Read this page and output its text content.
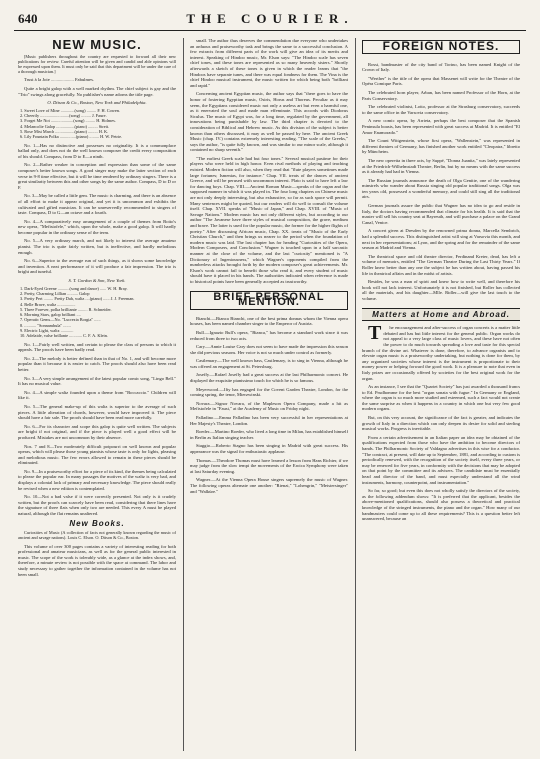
640	THE COURIER.
NEW MUSIC.

[Music publishers throughout the country are requested to forward all their new publications for review. Careful attention will be given and candid and able opinions will be expressed upon them. It must only be said that this department will be under the care of a thorough musician.]

Trust à la Joie .................... Fabulmes.

Quite a bright galop with a well marked rhythm. The chief subject is gay and the "Trio" swings along gracefully. No publisher's name adorns the title page.

O. Ditson & Co., Boston, New York and Philadelphia.

1. Sweet Love of Mine .............(song) ......... F. H. Cowen.
2. Cheerily ...........................(song) ......... J. Faure.
3. Forget Me Not .....................(song) ......... H. Holmes.
4. Melancolie Galop .................(piano) ......... Streit.
5. Rose Mist March ..................(piano) ......... H. K.
6. Lily Fountain Polka ...............(piano) ......... H. W. Petrie.

No. 1—Has no distinctive and possesses no originality. It is a commonplace ballad only, and does not do the well known composer the credit every composition of his should. Compass, from D to E—a ninth.

No. 2—Rather weaker in conception and expression than some of the same composer's better known songs. A good singer may make the latter section of each verse in 9-8 time effective, but it will be time rendered by ordinary singers. There is a great similarity between this and other songs by the same author. Compass, D to D or F.

No. 3—May be called a little gem. The music is charming, and there is an absence of all effort to make it appear original, and yet it is uncommon and exhibits the cultivated and gifted musician. It can be unreservedly recommended to singers of taste. Compass, D to G—an octave and a fourth.

No. 4—A comparatively easy arrangement of a couple of themes from Boito's new opera, "Mefistofele," which, upon the whole, make a good galop. It will hardly become popular in the ordinary sense of the term.

No. 5—A very ordinary march, and not likely to interest the average amateur pianist. The trio is quite fairly written, but is ineffective, and hardly melodious enough.

No. 6—Superior to the average run of such things, as it shows some knowledge and invention. A neat performance of it will produce a fair impression. The trio is bright and tuneful.

S. T. Gordon & Son, New York.

1. Dark-Eyed Greene ...........(song and dance) ...... W. H. Bray.
2. Pretty, Charming Lillian .......... Galop
3. Pretty Pert ......... Pretty Dah, waltz ....(piano) ...... J. J. Freeman.
4. Belle Brave, waltz .................
5. Three Forever, polka brilliante ......... R. Schneider.
6. Morning Stars, galop brilliant ....
7. Operatic Gems—No. "Lucrezia Borgia" ......
8. ........... "Sonnambula" .......
9. Electric Light, waltz ............
10. Adelaide, valse brillante ............ C. F. A. Klein.

No. 1—Fairly well written, and certain to please the class of persons to which it appeals. The proofs have been badly read.

No. 2—The melody is better defined than in that of No. 1, and will become more popular than it because it is easier to catch. The proofs should also have been read better.

No. 3—A very simple arrangement of the latest popular comic song, "Lingo Bell." It has no musical value.

No. 4—A simple waltz founded upon a theme from "Boccaccio." Children will like it.

No. 5—The general make-up of this waltz is superior to the average of such pieces. A little alteration of chords, however, would have improved it. The piece should have a fair sale. The proofs should have been read more carefully.

No. 6—For its character and scope this galop is quite well written. The subjects are bright if not original, and if the piece is played well a good effect will be produced. Mistakes are not uncommon by their absence.

Nos. 7 and 8—Two moderately difficult potpourri on well known and popular operas, which will please those young pianists whose taste is only for lights, pleasing and melodious music. The few errors allowed to remain in these pieces should be eliminated.

No. 9—In a praiseworthy effort for a piece of its kind, the themes being calculated to please the popular ear. In many passages the motives of the waltz is very bad, and displays a colonial lack of primary and necessary knowledge. The piece should really be revised when a new edition is contemplated.

No. 10—Not a bad valse if it were correctly presented. Not only is it crudely written, but the proofs can scarcely have been read, considering that there lines have the signature of three flats when only two are needed. This every A must be played natural, although the flat remains unaltered.

New Books.

Curiosities of Music (A collection of facts not generally known regarding the music of ancient and savage nations). Louis C. Elson. O. Ditson & Co., Boston.

This volume of over 300 pages contains a variety of interesting reading for both professional and amateur musicians, as well as for the general public interested in music. The scope of the work is tolerably wide, as a glance at the index shows, and, therefore, a minute review is not possible with the space at command. The labor and study necessary to gather together the information contained in the volume has not been small.

small. The author thus deserves the commendation due everyone who undertakes an arduous and praiseworthy task and brings the same to a successful conclusion. A few extracts from different parts of the work will give an idea of its merits and interest. Speaking of Hindoo music, Mr. Elson says: "The Hindoo scale has seven chief tones, and these tones are represented as so many heavenly sisters." Shortly afterwards a sketch of these tones is given in which the reader learns that "the Hindoos have separate tunes, and there was equal fondness for them. The Vina is the chief Hindoo musical instrument, the music written for which being both "brilliant and rapid."

Concerning ancient Egyptian music, the author says that "there goes to have the honor of fostering Egyptian music, Osiris, Horus and Thoreus. Peculiar as it may seem, the Egyptians considered music not only a useless art but even a harmful one, as it enervated the soul and made man effeminate. This accords with Diodorus Siculus. The music of Egypt was, for a long time, regulated by the government, all innovations being punishable by law. The third chapter is devoted to the consideration of Biblical and Hebrew music. As this division of the subject is better known than others discussed, it may as well be passed by here. The ancient Greek Music (chap. IV.) contains extremely interesting reading. "The scale of the Greeks," says the author, "is quite fully known, and was similar to our minor scale, although it contained no sharp seventh."

"The earliest Greek scale had but four tones." Several musical pastime for their players who were held in high honor. Even rival methods of playing and teaching existed. Modern fiction will also, when they read that "flute players sometimes made large fortunes; Ismenias, for instance." Chap. VII. treats of the dances of ancient Greece, and will be perused with uncommon interest. Plato is said to have left a law for dancing boys. Chap. VIII.—Ancient Roman Music—speaks of the organ and the supposed manner in which it was played in. The four long chapters on Chinese music are not only deeply interesting, but also exhaustive, so far as such space will permit. Many sentences might be quoted, but our readers will do well to consult the volume itself. Chap. XVII. speaks of "Music of Japan," and Chap. XVIII. of "Music of Savage Nations." Modern music has not only different styles, but according to our author "The Javanese have three styles of musical composition, the grave, medium and brave. The latter is used for the popular music, the former for the higher flights of poetry." After discussing African music, Chap. XX. treats of "Music of the Early Christian Church," and then brings us nearer to the period when the foundation of modern music was laid. The last chapter has for heading "Curiosities of the Opera, Modern Composers, and Conclusion." Wagner is touched upon in a half sarcastic manner at the close of the volume, and the last "curiosity" mentioned is "A Dictionary of Ingeniousness," which Wagner's opponents compiled from the numberless attacks brought forth by the modern composer's great achievements. Mr. Elson's work cannot fail to benefit those who read it, and every student of music should have it placed in his hands. The authorities indicated when reference is made to historical points have been generally accepted as trustworthy.

BRIEF PERSONAL MENTION.

Bianchi.—Bianca Bianchi, one of the best prima donnas whom the Vienna opera houses, has been named chamber singer to the Emperor of Austria.

Bull.—Ignazio Bull's opera, "Bianca," has become a standard work since it was reduced from three to two acts.

Cary.—Annie Louise Cary does not seem to have made the impression this season she did previous seasons. Her voice is not so much under control as formerly.

Castlemary.—The well known bass, Castlemary, is to sing in Vienna, although he was offered an engagement at St. Petersburg.

Joseffy.—Rafael Joseffy had a great success at the last Philharmonic concert. He displayed the exquisite pianissimo touch for which he is so famous.

Meyerwood.—Ifty has engaged for the Covent Garden Theatre, London, for the coming spring, the tenor, Mierzwinski.

Novara.—Signor Novara, of the Mapleson Opera Company, made a hit as Mefistofele in "Faust," at the Academy of Music on Friday night.

Palladino.—Emma Palladino has been very successful in her representations at Her Majesty's Theatre, London.

Roeder.—Martino Roeder, who lived a long time in Milan, has established himself in Berlin as Italian singing teacher.

Staggio.—Roberto Stagno has been singing in Madrid with great success. His appearance was the signal for enthusiastic applause.

Thomas.—Theodore Thomas must have learned a lesson from Hans Richter, if we may judge from the slow tempi the movements of the Eroica Symphony were taken at last Saturday evening.

Wagner.—At the Vienna Opera House singers supremely the music of Wagner. The following operas alternate one another: "Rienzi," "Lohengrin," "Meistersinger" and "Walküre."

FOREIGN NOTES.

Rossi, bandmaster of the city band of Torino, has been named Knight of the Crown of Italy.

"Werther" is the title of the opera that Massenet will write for the Theatre of the Opéra Comique Paris.

The celebrated horn player, Arban, has been named Professor of the Horn, at the Paris Conservatory.

The celebrated violinist, Lotto, professor at the Strasburg conservatory, succeeds to the same office in the Varsovia conservatory.

A new comic opera, by Arrieta, perhaps the best composer that the Spanish Peninsula boasts, has been represented with great success at Madrid. It is entitled "El Amor Enamorado."

The Count Wittgenstein, whose first opera, "Wallenstein," was represented in different theatres of Germany, has finished another work entitled "Cleopatra," libretto by Müncheim.

The new operetta in three acts, by Suppé, "Donna Juanita," was lately represented at the Friedrich-Wilhelmstadt Theatre, Berlin, but by no means with the same success as it already had had in Vienna.

The Russian journals announce the death of Olga Genitte, one of the wandering minstrels who wander about Russia singing old popular traditional songs. Olga was ten years old, possessed a wonderful memory, and could still sing all the traditional airs.

German journals assure the public that Wagner has no idea to go and reside in Italy, the doctors having recommended that climate for his health. It is said that the master will sell his country seat at Bayreuth, and will purchase a palace on the Grand Canal, Venice.

A concert given at Dresden by the renowned prima donna, Marcella Sembrich, had a splendid success. This distinguished artist will sing at Varsovia this month, and next in her representations; at Lyon, and the spring and for the remainder of the same season at Madrid and Vienna.

The theatrical space and old theatre director, Ferdinand Kreier, dead, has left a volume of memoirs, entitled "The German Theatre During the Last Thirty Years." If Roller knew better than any one the subject he has written about, having passed his life in theatrical affairs and in the midst of artists.

Besides, he was a man of spirit and knew how to write well, and therefore his book will not lack interest. Unfortunately it is not finished, but Roller has collected all the materials, and his daughter—Mlle. Ridler—will give the last touch to the volume.

Matters at Home and Abroad.

T he encouragement and after-success of organ concerts is a matter little debated and has but little interest for the general public. Organ works do not appeal to a very large class of music lovers, and these have not often the power to do much towards spreading a love and taste for this special branch of the divine art. Whatever is done, therefore, to advance organists and to elevate organ music is a praiseworthy undertaking, but nothing is done for them, by any organized societies whose interest is the instrument is proportionate to their money power or helping forward the good work. It is a pleasure to note that even in Italy prizes are occasionally offered by societies for the best original work for the organ.

As an instance, I see that the "Quartet Society" has just awarded a thousand francs to Ed. Prudhomme for the best "organ sonata with fugue." In Germany or England, where the organ is so much more studied and esteemed, such a fact would not create the same surprise as when it happens in a country in which one but very few good modern organs.

But, on this very account, the significance of the fact is greater, and indicates the growth of Italy in a direction which can only deepen its desire for solid and sterling musical works. Progress is inevitable.

From a certain advertisement in an Italian paper an idea may be obtained of the qualifications expected from those who have the ambition to become directors of bands. The Philharmonic Society of Valdagno advertises in this wise for a conductor. "The contract, at present, will date up to September, 1881, and according to custom is periodically renewed, with the recognition of the society itself, every three years, or may be renewed for five years, in conformity with the decisions that may be adopted on that point by the committee and its advisers. The candidate must be essentially head and director of the band, and must especially understand all the wind instruments, harmony, counterpoint, and instrumentation."

So far, so good; but even this does not wholly satisfy the directors of the society, as the following addendum shows: "It is preferred that the applicant, besides the above-mentioned qualifications, should also possess a theoretical and practical knowledge of the stringed instruments, the piano and the organ." How many of our bandmasters could come up to all these requirements? This is a question better left unanswered, because an
